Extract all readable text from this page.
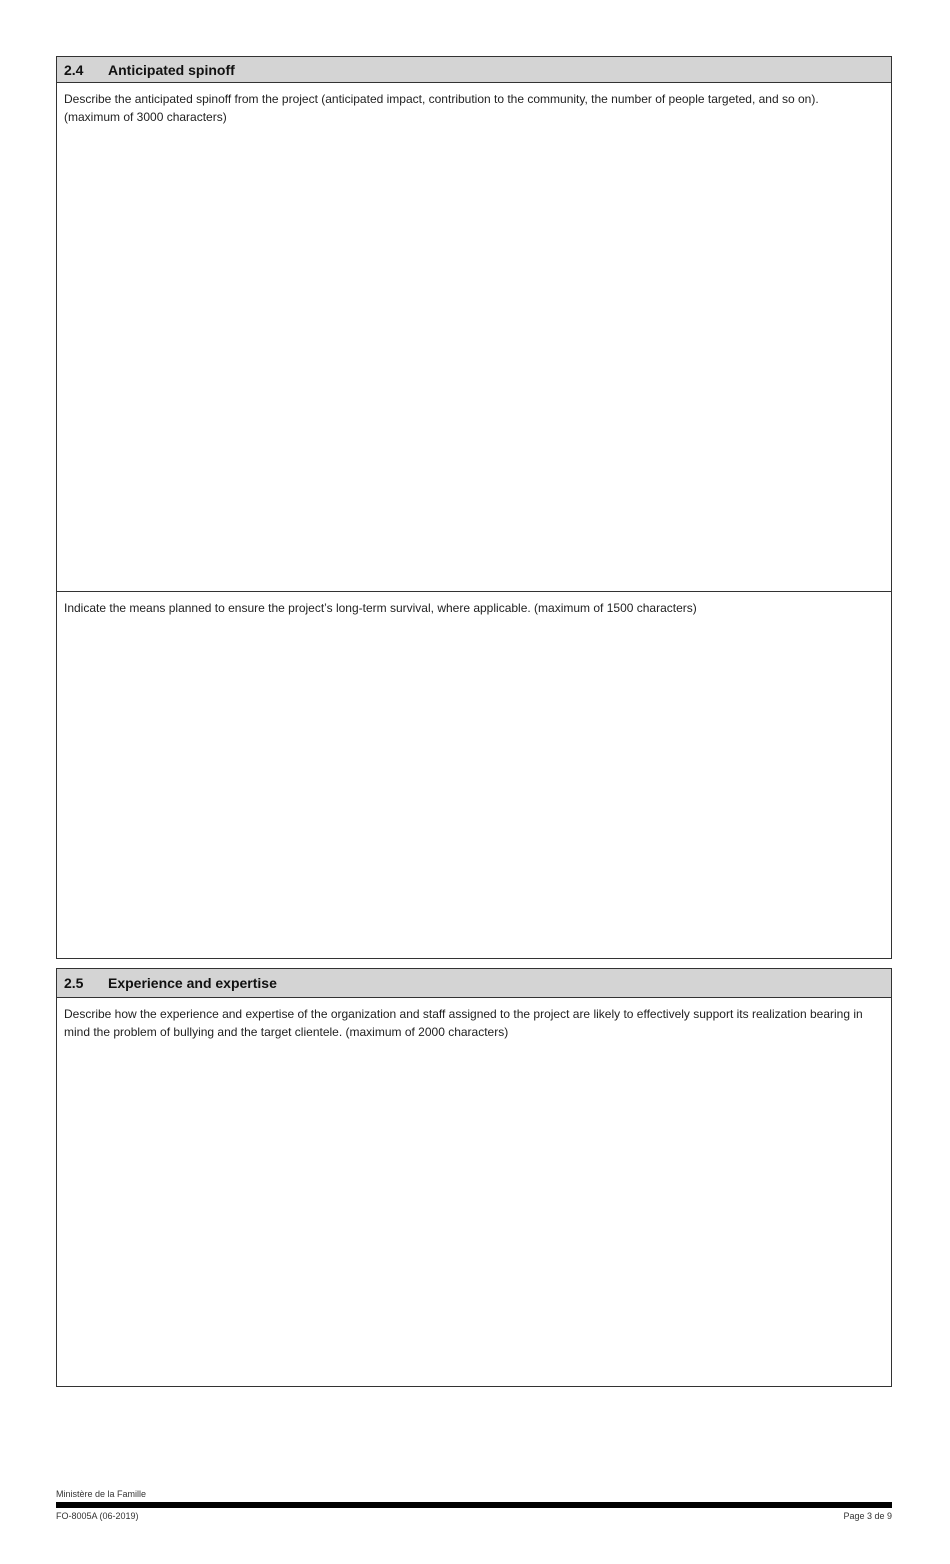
2.4	Anticipated spinoff
Describe the anticipated spinoff from the project (anticipated impact, contribution to the community, the number of people targeted, and so on).
(maximum of 3000 characters)
Indicate the means planned to ensure the project’s long-term survival, where applicable. (maximum of 1500 characters)
2.5	Experience and expertise
Describe how the experience and expertise of the organization and staff assigned to the project are likely to effectively support its realization bearing in mind the problem of bullying and the target clientele. (maximum of 2000 characters)
Ministère de la Famille
FO-8005A (06-2019)	Page 3 de 9
